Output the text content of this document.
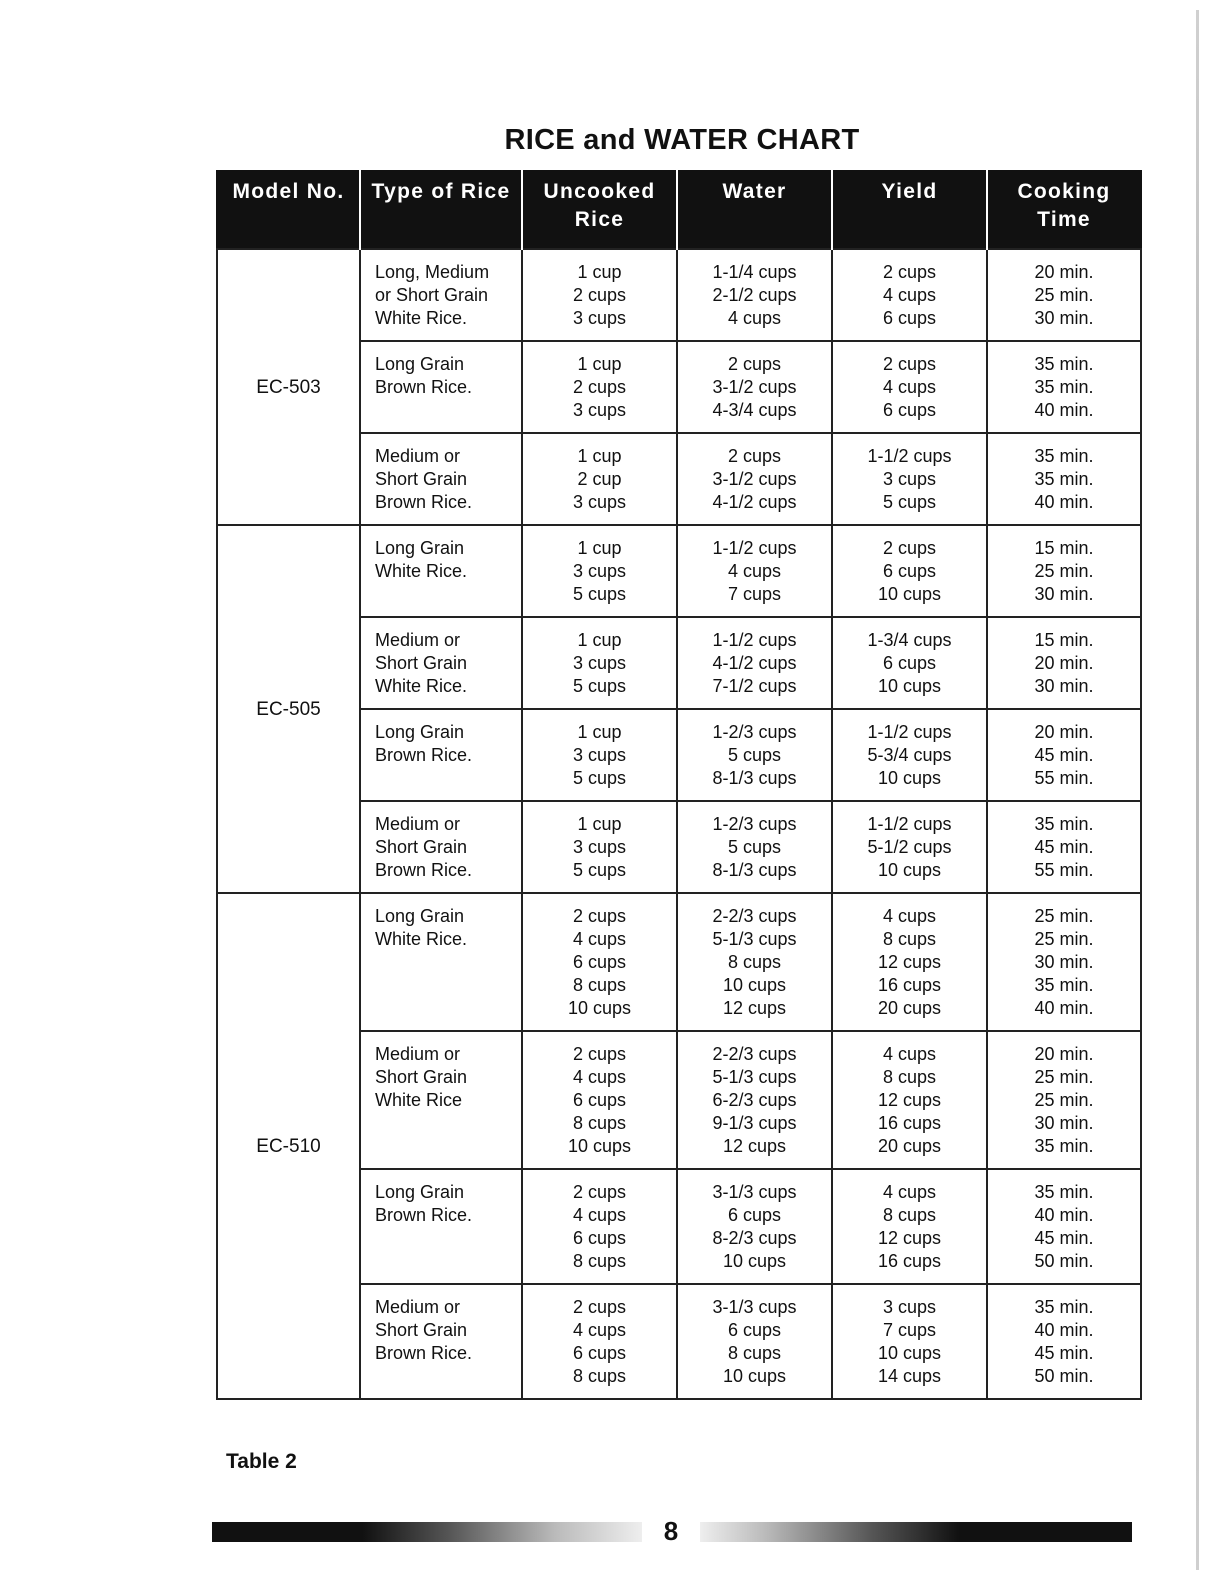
RICE and WATER CHART
Model No.	Type of Rice	Uncooked
Rice	Water	Yield	Cooking
Time

EC-503	Long, Medium
or Short Grain
White Rice.	1 cup
2 cups
3 cups	1-1/4 cups
2-1/2 cups
4 cups	2 cups
4 cups
6 cups	20 min.
25 min.
30 min.

	Long Grain
Brown Rice.	1 cup
2 cups
3 cups	2 cups
3-1/2 cups
4-3/4 cups	2 cups
4 cups
6 cups	35 min.
35 min.
40 min.

	Medium or
Short Grain
Brown Rice.	1 cup
2 cup
3 cups	2 cups
3-1/2 cups
4-1/2 cups	1-1/2 cups
3 cups
5 cups	35 min.
35 min.
40 min.

EC-505	Long Grain
White Rice.	1 cup
3 cups
5 cups	1-1/2 cups
4 cups
7 cups	2 cups
6 cups
10 cups	15 min.
25 min.
30 min.

	Medium or
Short Grain
White Rice.	1 cup
3 cups
5 cups	1-1/2 cups
4-1/2 cups
7-1/2 cups	1-3/4 cups
6 cups
10 cups	15 min.
20 min.
30 min.

	Long Grain
Brown Rice.	1 cup
3 cups
5 cups	1-2/3 cups
5 cups
8-1/3 cups	1-1/2 cups
5-3/4 cups
10 cups	20 min.
45 min.
55 min.

	Medium or
Short Grain
Brown Rice.	1 cup
3 cups
5 cups	1-2/3 cups
5 cups
8-1/3 cups	1-1/2 cups
5-1/2 cups
10 cups	35 min.
45 min.
55 min.

EC-510	Long Grain
White Rice.	2 cups
4 cups
6 cups
8 cups
10 cups	2-2/3 cups
5-1/3 cups
8 cups
10 cups
12 cups	4 cups
8 cups
12 cups
16 cups
20 cups	25 min.
25 min.
30 min.
35 min.
40 min.

	Medium or
Short Grain
White Rice	2 cups
4 cups
6 cups
8 cups
10 cups	2-2/3 cups
5-1/3 cups
6-2/3 cups
9-1/3 cups
12 cups	4 cups
8 cups
12 cups
16 cups
20 cups	20 min.
25 min.
25 min.
30 min.
35 min.

	Long Grain
Brown Rice.	2 cups
4 cups
6 cups
8 cups	3-1/3 cups
6 cups
8-2/3 cups
10 cups	4 cups
8 cups
12 cups
16 cups	35 min.
40 min.
45 min.
50 min.

	Medium or
Short Grain
Brown Rice.	2 cups
4 cups
6 cups
8 cups	3-1/3 cups
6 cups
8 cups
10 cups	3 cups
7 cups
10 cups
14 cups	35 min.
40 min.
45 min.
50 min.
Table 2
8
